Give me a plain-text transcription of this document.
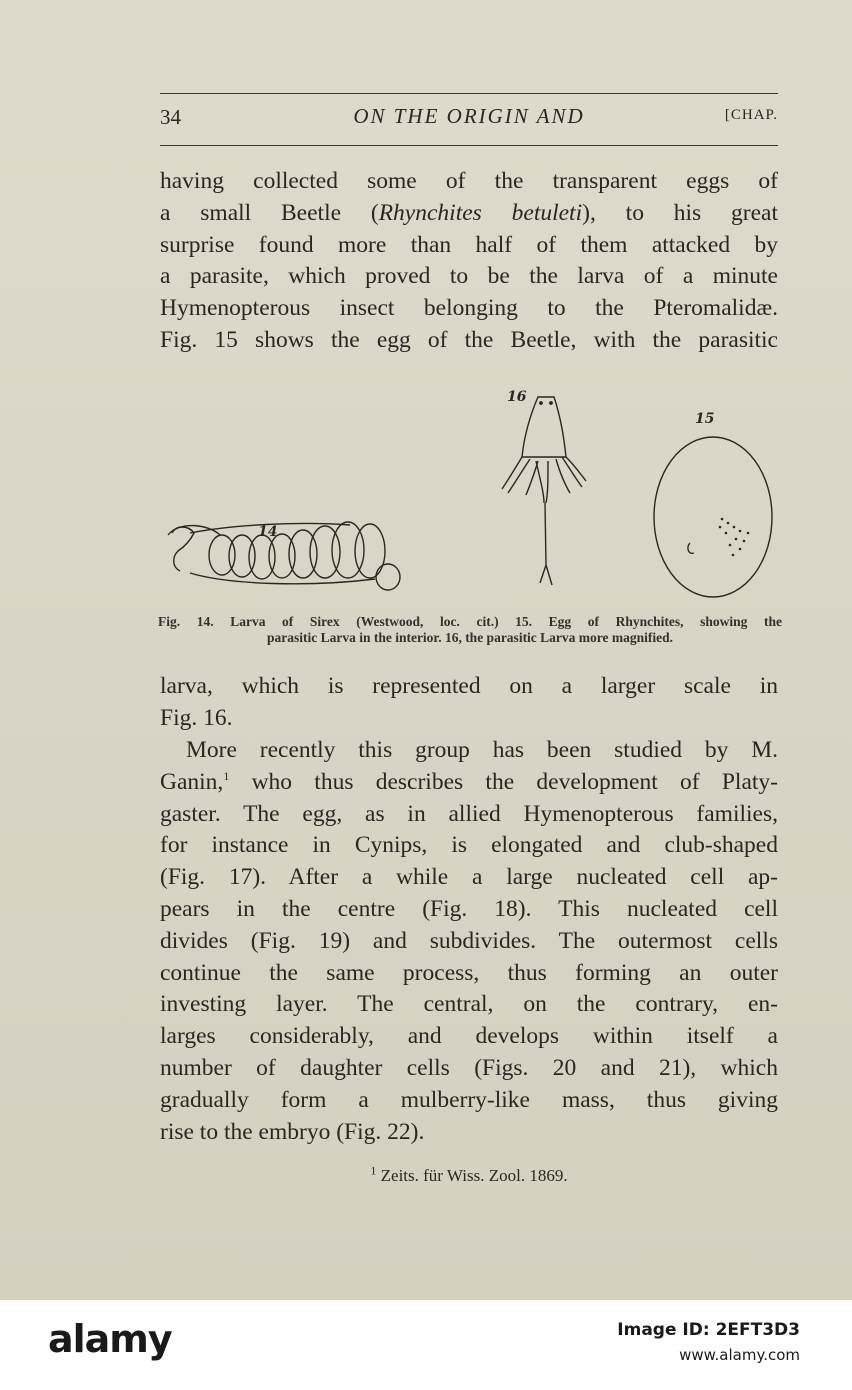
34	ON THE ORIGIN AND	[CHAP.

having collected some of the transparent eggs of
a small Beetle (Rhynchites betuleti), to his great
surprise found more than half of them attacked by
a parasite, which proved to be the larva of a minute
Hymenopterous insect belonging to the Pteromalidæ.
Fig. 15 shows the egg of the Beetle, with the parasitic

14
16
15
Fig. 14. Larva of Sirex (Westwood, loc. cit.) 15. Egg of Rhynchites, showing the
parasitic Larva in the interior. 16, the parasitic Larva more magnified.

larva, which is represented on a larger scale in
Fig. 16.

More recently this group has been studied by M.
Ganin,$^1$ who thus describes the development of Platy-
gaster. The egg, as in allied Hymenopterous families,
for instance in Cynips, is elongated and club-shaped
(Fig. 17). After a while a large nucleated cell ap-
pears in the centre (Fig. 18). This nucleated cell
divides (Fig. 19) and subdivides. The outermost cells
continue the same process, thus forming an outer
investing layer. The central, on the contrary, en-
larges considerably, and develops within itself a
number of daughter cells (Figs. 20 and 21), which
gradually form a mulberry-like mass, thus giving
rise to the embryo (Fig. 22).

$^1$ Zeits. für Wiss. Zool. 1869.
alamy	Image ID: 2EFT3D3
www.alamy.com
